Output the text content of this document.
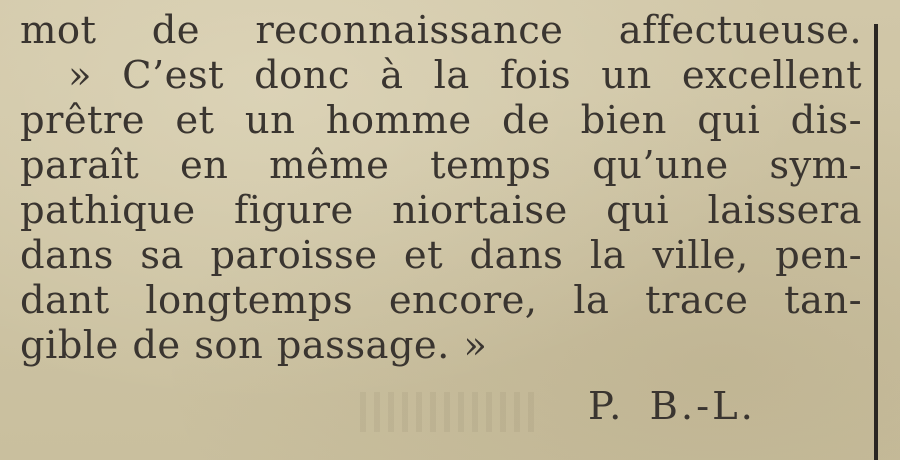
mot de reconnaissance affectueuse.
» C’est donc à la fois un excellent
prêtre et un homme de bien qui dis-
paraît en même temps qu’une sym-
pathique figure niortaise qui laissera
dans sa paroisse et dans la ville, pen-
dant longtemps encore, la trace tan-
gible de son passage. »
P. B.-L.
